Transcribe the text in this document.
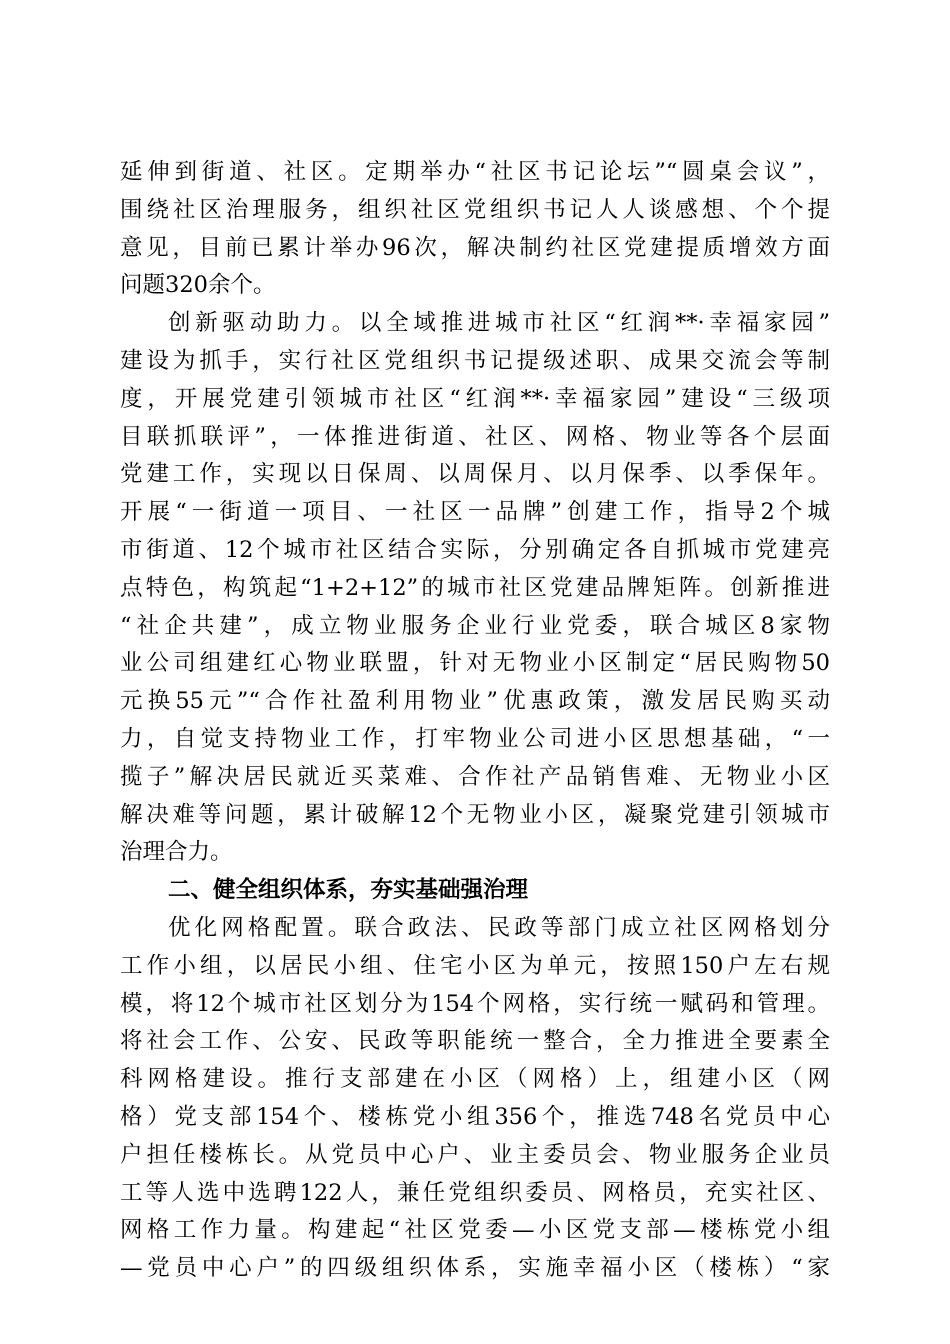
延伸到街道、社区。定期举办“社区书记论坛”“圆桌会议”，
围绕社区治理服务，组织社区党组织书记人人谈感想、个个提
意见，目前已累计举办96次，解决制约社区党建提质增效方面
问题320余个。
创新驱动助力。以全域推进城市社区“红润**·幸福家园”
建设为抓手，实行社区党组织书记提级述职、成果交流会等制
度，开展党建引领城市社区“红润**·幸福家园”建设“三级项
目联抓联评”，一体推进街道、社区、网格、物业等各个层面
党建工作，实现以日保周、以周保月、以月保季、以季保年。
开展“一街道一项目、一社区一品牌”创建工作，指导2个城
市街道、12个城市社区结合实际，分别确定各自抓城市党建亮
点特色，构筑起“1+2+12”的城市社区党建品牌矩阵。创新推进
“社企共建”，成立物业服务企业行业党委，联合城区8家物
业公司组建红心物业联盟，针对无物业小区制定“居民购物50
元换55元”“合作社盈利用物业”优惠政策，激发居民购买动
力，自觉支持物业工作，打牢物业公司进小区思想基础，“一
揽子”解决居民就近买菜难、合作社产品销售难、无物业小区
解决难等问题，累计破解12个无物业小区，凝聚党建引领城市
治理合力。
二、健全组织体系，夯实基础强治理
优化网格配置。联合政法、民政等部门成立社区网格划分
工作小组，以居民小组、住宅小区为单元，按照150户左右规
模，将12个城市社区划分为154个网格，实行统一赋码和管理。
将社会工作、公安、民政等职能统一整合，全力推进全要素全
科网格建设。推行支部建在小区（网格）上，组建小区（网
格）党支部154个、楼栋党小组356个，推选748名党员中心
户担任楼栋长。从党员中心户、业主委员会、物业服务企业员
工等人选中选聘122人，兼任党组织委员、网格员，充实社区、
网格工作力量。构建起“社区党委—小区党支部—楼栋党小组
—党员中心户”的四级组织体系，实施幸福小区（楼栋）“家
